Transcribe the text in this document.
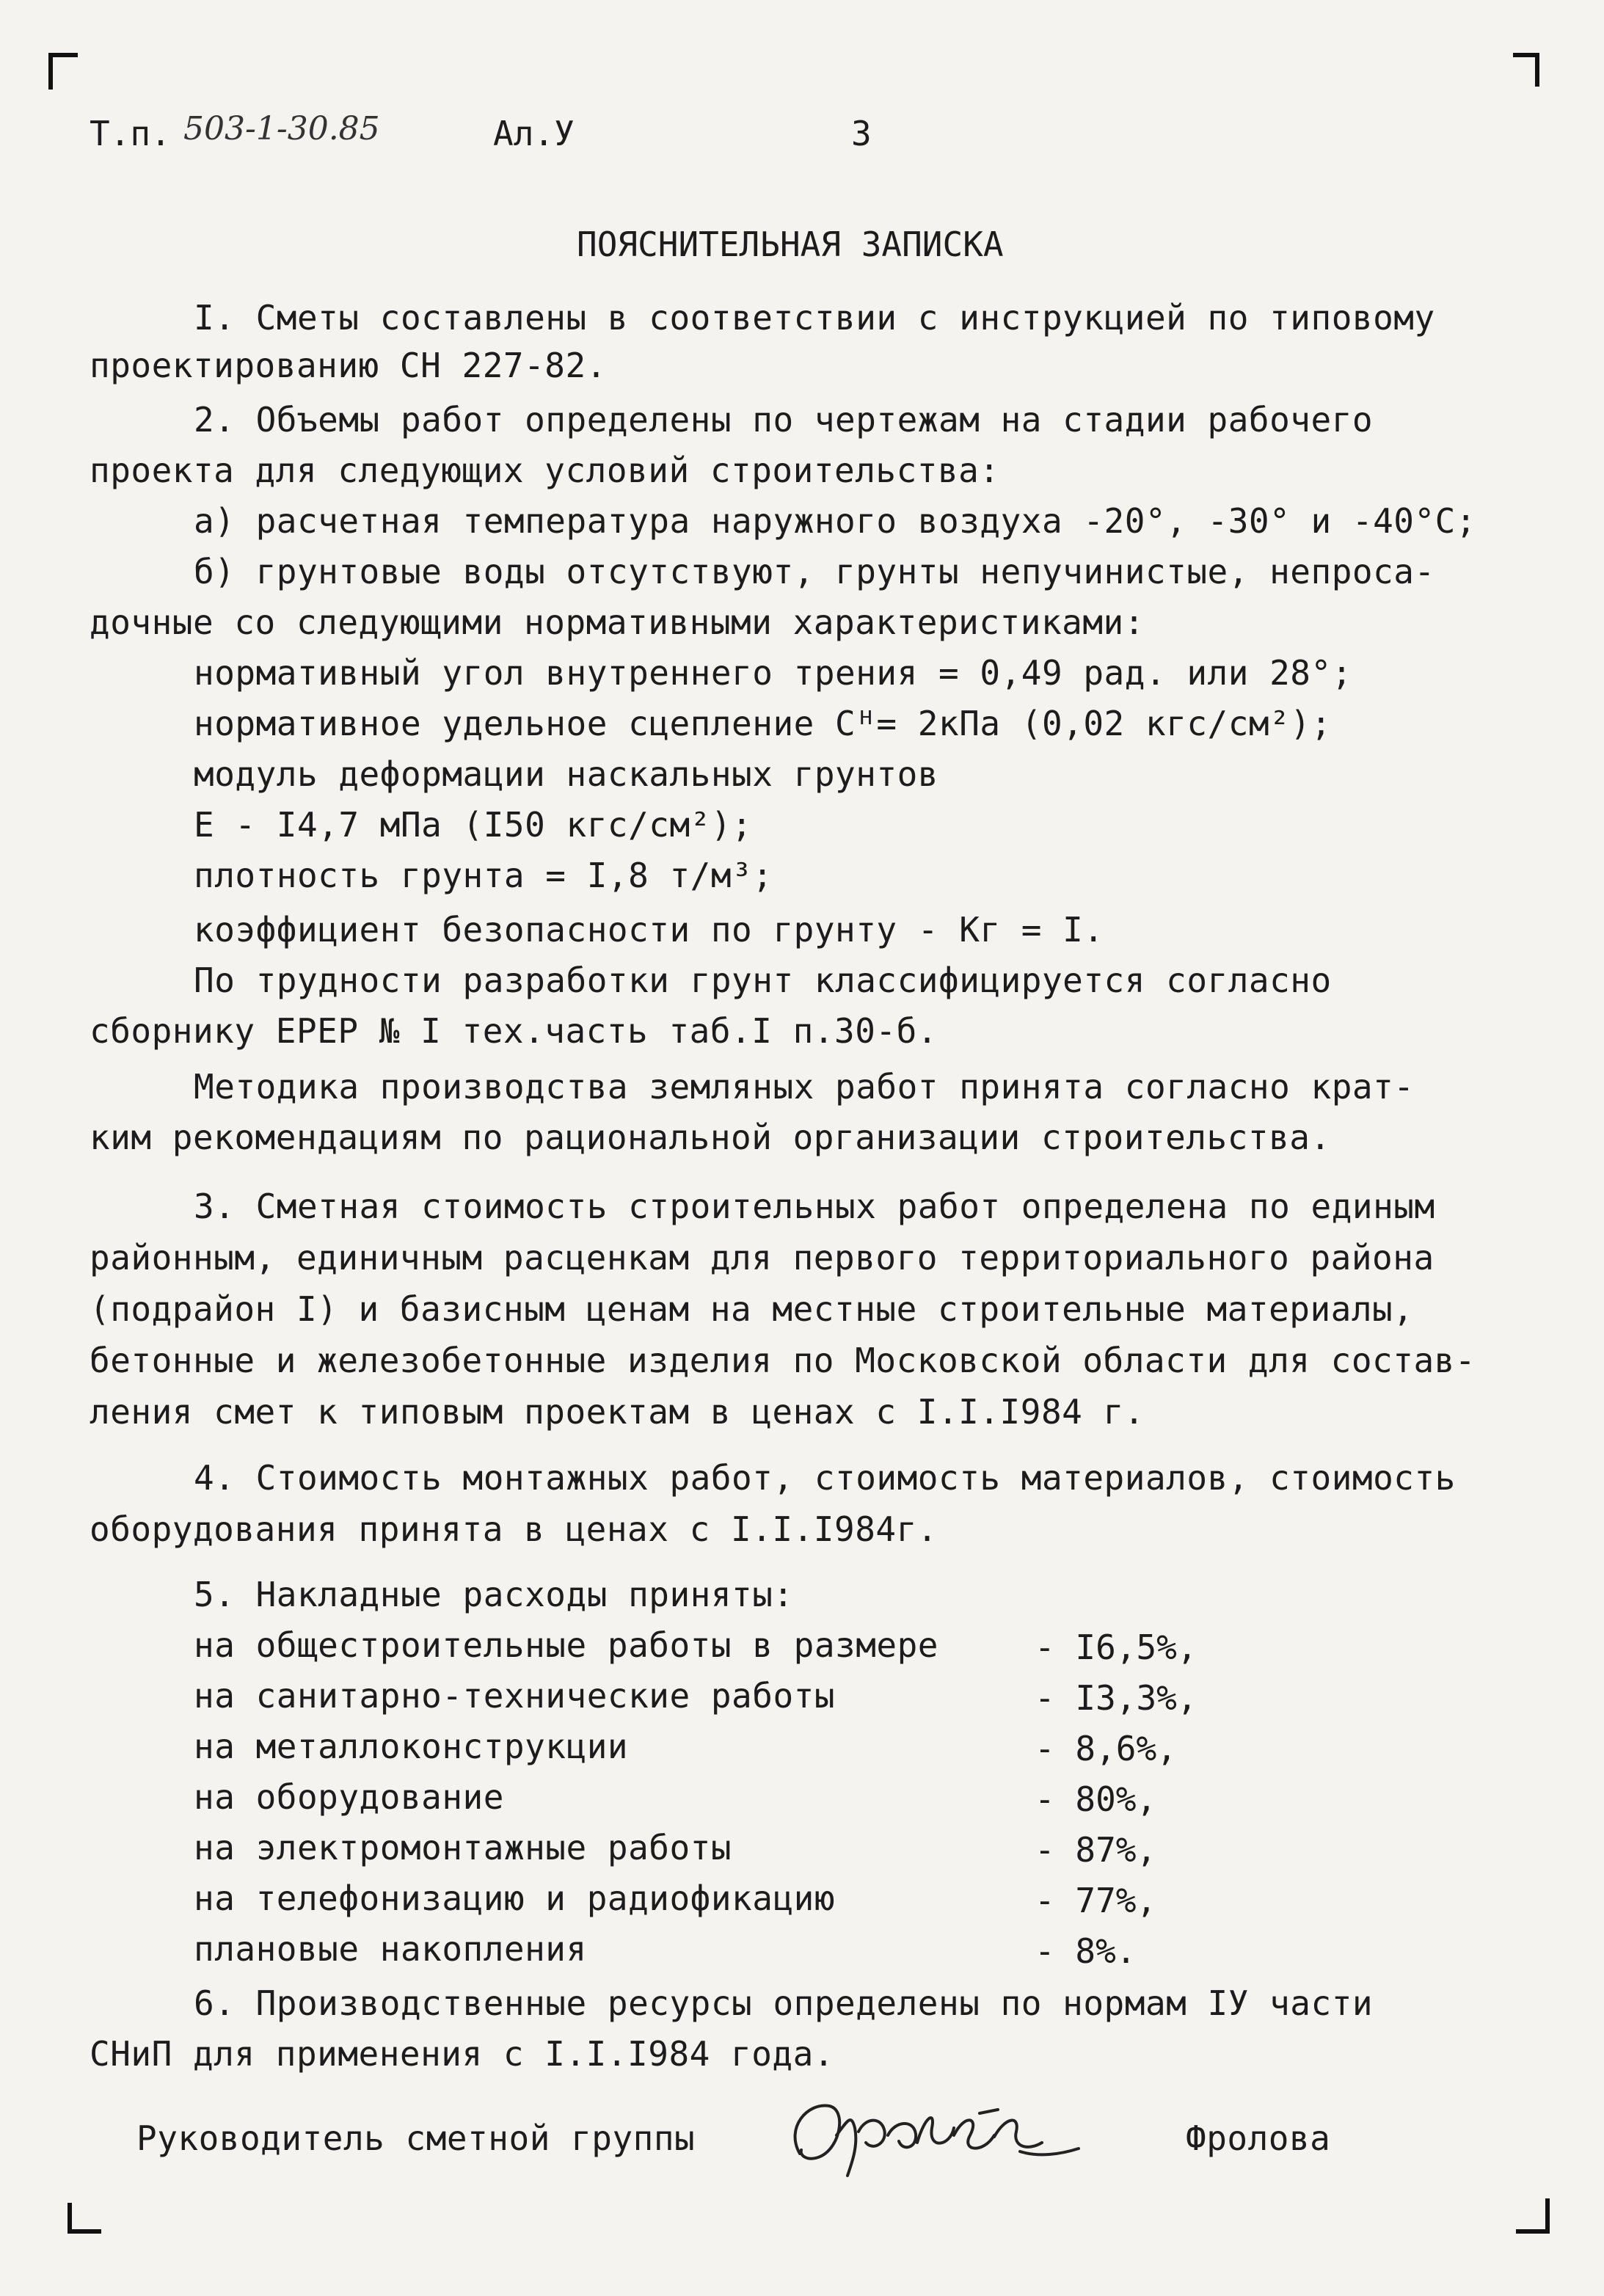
Т.п. 503-1-30.85	Ал.У	3
ПОЯСНИТЕЛЬНАЯ ЗАПИСКА
I. Сметы составлены в соответствии с инструкцией по типовому
проектированию СН 227-82.
2. Объемы работ определены по чертежам на стадии рабочего
проекта для следующих условий строительства:
а) расчетная температура наружного воздуха -20°, -30° и -40°С;
б) грунтовые воды отсутствуют, грунты непучинистые, непроса-
дочные со следующими нормативными характеристиками:
нормативный угол внутреннего трения = 0,49 рад. или 28°;
нормативное удельное сцепление Cᴴ= 2кПа (0,02 кгс/см²);
модуль деформации наскальных грунтов
E - I4,7 мПа (I50 кгс/см²);
плотность грунта = I,8 т/м³;
коэффициент безопасности по грунту - Кг = I.
По трудности разработки грунт классифицируется согласно
сборнику ЕРЕР № I тех.часть таб.I п.30-б.
Методика производства земляных работ принята согласно крат-
ким рекомендациям по рациональной организации строительства.
3. Сметная стоимость строительных работ определена по единым
районным, единичным расценкам для первого территориального района
(подрайон I) и базисным ценам на местные строительные материалы,
бетонные и железобетонные изделия по Московской области для состав-
ления смет к типовым проектам в ценах с I.I.I984 г.
4. Стоимость монтажных работ, стоимость материалов, стоимость
оборудования принята в ценах с I.I.I984г.
5. Накладные расходы приняты:
на общестроительные работы в размере	- I6,5%,
на санитарно-технические работы	- I3,3%,
на металлоконструкции	- 8,6%,
на оборудование	- 80%,
на электромонтажные работы	- 87%,
на телефонизацию и радиофикацию	- 77%,
плановые накопления	- 8%.
6. Производственные ресурсы определены по нормам IУ части
СНиП для применения с I.I.I984 года.
Руководитель сметной группы	Фролова
